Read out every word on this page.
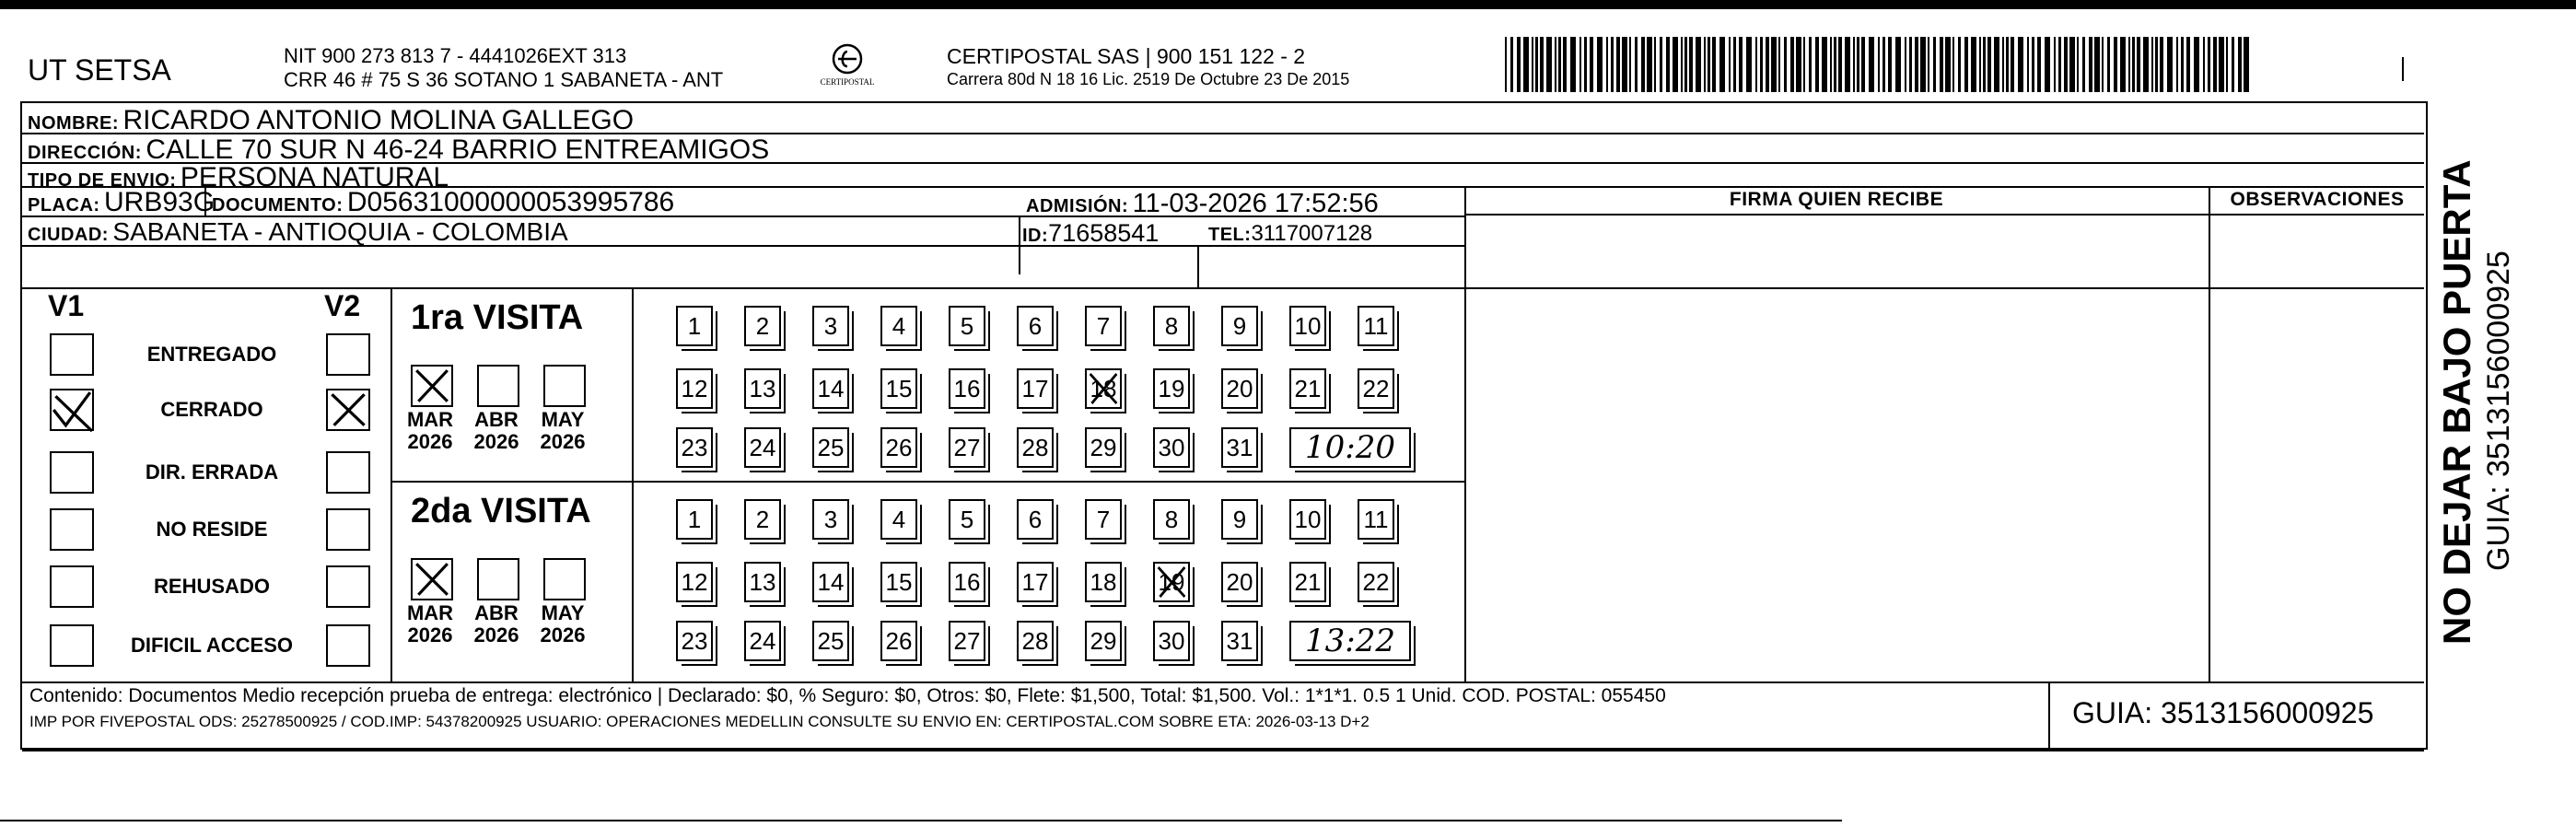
UT SETSA	NIT 900 273 813 7 - 4441026EXT 313
CRR 46 # 75 S 36 SOTANO 1 SABANETA - ANT	CERTIPOSTAL
CERTIPOSTAL SAS | 900 151 122 - 2
Carrera 80d N 18 16 Lic. 2519 De Octubre 23 De 2015
NOMBRE: RICARDO ANTONIO MOLINA GALLEGO
DIRECCIÓN: CALLE 70 SUR N 46-24 BARRIO ENTREAMIGOS
TIPO DE ENVIO: PERSONA NATURAL
PLACA: URB93G
DOCUMENTO: D05631000000053995786	ADMISIÓN: 11-03-2026 17:52:56
CIUDAD: SABANETA - ANTIOQUIA - COLOMBIA	ID:71658541	TEL:3117007128
FIRMA QUIEN RECIBE	OBSERVACIONES
V1	V2
ENTREGADO
CERRADO
DIR. ERRADA
NO RESIDE
REHUSADO
DIFICIL ACCESO
1ra VISITA
MAR
2026
ABR
2026
MAY
2026
1	2	3	4	5	6	7	8	9	10 11
12 13 14 15 16 17 18 19 20 21 22
23 24 25 26 27 28 29 30 31	10:20
2da VISITA
MAR
2026
ABR
2026
MAY
2026
1	2	3	4	5	6	7	8	9	10 11
12 13 14 15 16 17 18 19 20 21 22
23 24 25 26 27 28 29 30 31	13:22
Contenido: Documentos Medio recepción prueba de entrega: electrónico | Declarado: $0, % Seguro: $0, Otros: $0, Flete: $1,500, Total: $1,500. Vol.: 1*1*1. 0.5 1 Unid. COD. POSTAL: 055450
IMP POR FIVEPOSTAL ODS: 25278500925 / COD.IMP: 54378200925 USUARIO: OPERACIONES MEDELLIN CONSULTE SU ENVIO EN: CERTIPOSTAL.COM SOBRE ETA: 2026-03-13 D+2	GUIA: 3513156000925
NO DEJAR BAJO PUERTA GUIA: 3513156000925
